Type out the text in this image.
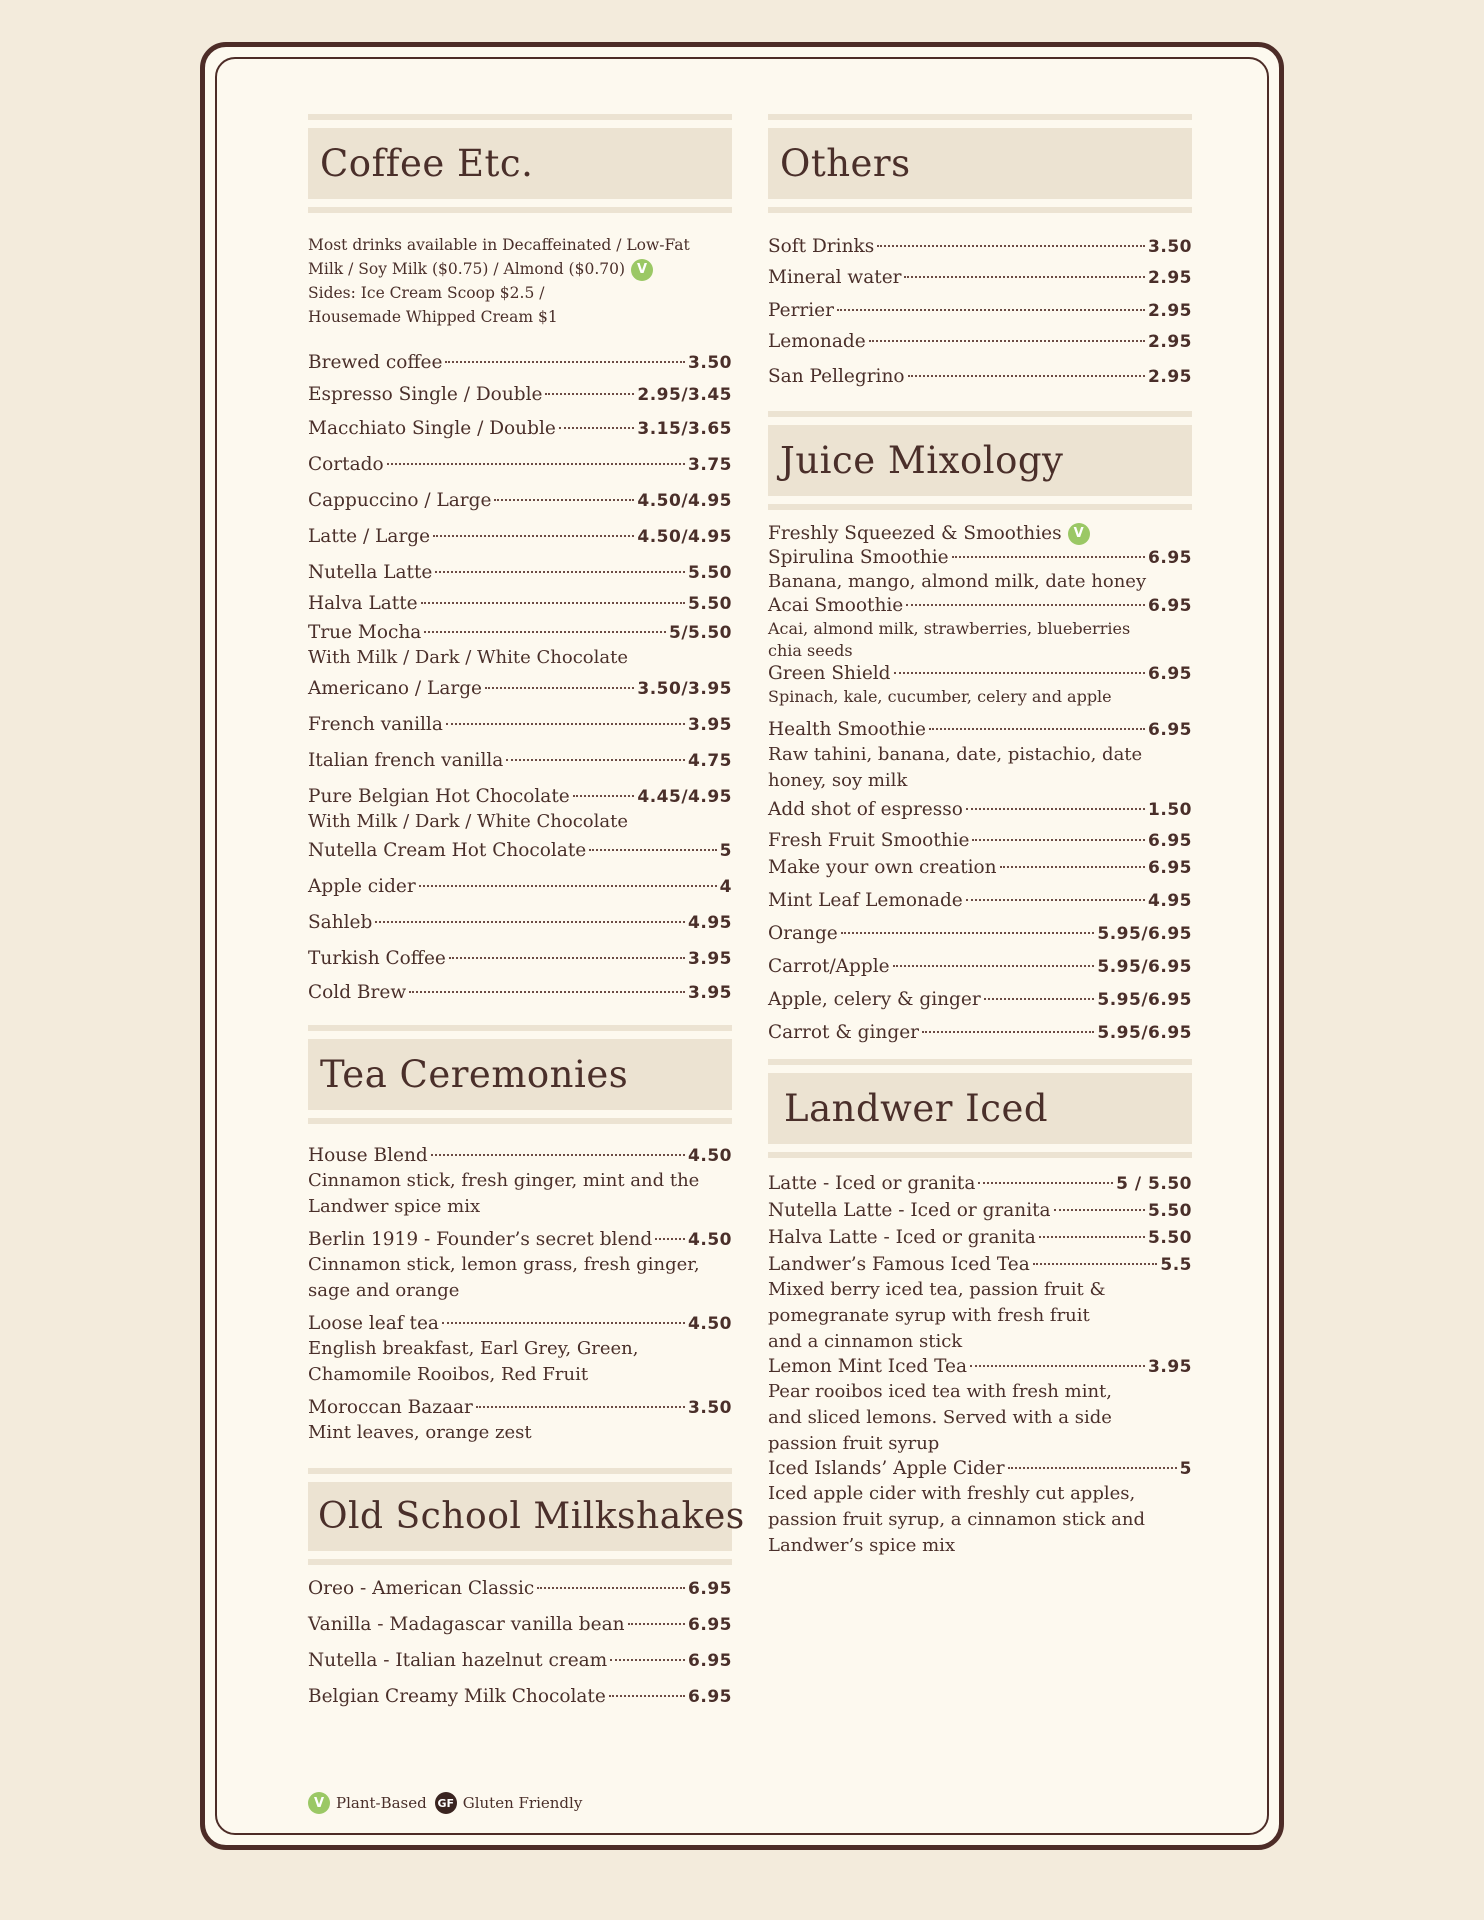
Coffee Etc.
Most drinks available in Decaffeinated / Low-Fat
Milk / Soy Milk ($0.75) / Almond ($0.70) V
Sides: Ice Cream Scoop $2.5 /
Housemade Whipped Cream $1
Brewed coffee	3.50
Espresso Single / Double	2.95/3.45
Macchiato Single / Double	3.15/3.65
Cortado	3.75
Cappuccino / Large	4.50/4.95
Latte / Large	4.50/4.95
Nutella Latte	5.50
Halva Latte	5.50
True Mocha	5/5.50
With Milk / Dark / White Chocolate
Americano / Large	3.50/3.95
French vanilla	3.95
Italian french vanilla	4.75
Pure Belgian Hot Chocolate	4.45/4.95
With Milk / Dark / White Chocolate
Nutella Cream Hot Chocolate	5
Apple cider	4
Sahleb	4.95
Turkish Coffee	3.95
Cold Brew	3.95
Tea Ceremonies
House Blend	4.50
Cinnamon stick, fresh ginger, mint and the
Landwer spice mix
Berlin 1919 - Founder’s secret blend 4.50
Cinnamon stick, lemon grass, fresh ginger,
sage and orange
Loose leaf tea	4.50
English breakfast, Earl Grey, Green,
Chamomile Rooibos, Red Fruit
Moroccan Bazaar	3.50
Mint leaves, orange zest
Old School Milkshakes
Oreo - American Classic	6.95
Vanilla - Madagascar vanilla bean	6.95
Nutella - Italian hazelnut cream	6.95
Belgian Creamy Milk Chocolate	6.95
Others
Soft Drinks	3.50
Mineral water	2.95
Perrier	2.95
Lemonade	2.95
San Pellegrino	2.95
Juice Mixology
Freshly Squeezed & Smoothies V
Spirulina Smoothie	6.95
Banana, mango, almond milk, date honey
Acai Smoothie	6.95
Acai, almond milk, strawberries, blueberries chia seeds
Green Shield	6.95
Spinach, kale, cucumber, celery and apple
Health Smoothie	6.95
Raw tahini, banana, date, pistachio, date honey, soy milk
Add shot of espresso	1.50
Fresh Fruit Smoothie	6.95
Make your own creation	6.95
Mint Leaf Lemonade	4.95
Orange	5.95/6.95
Carrot/Apple	5.95/6.95
Apple, celery & ginger	5.95/6.95
Carrot & ginger	5.95/6.95
Landwer Iced
Latte - Iced or granita	5 / 5.50
Nutella Latte - Iced or granita	5.50
Halva Latte - Iced or granita	5.50
Landwer’s Famous Iced Tea	5.5
Mixed berry iced tea, passion fruit & pomegranate syrup with fresh fruit and a cinnamon stick
Lemon Mint Iced Tea	3.95
Pear rooibos iced tea with fresh mint, and sliced lemons. Served with a side passion fruit syrup
Iced Islands’ Apple Cider	5
Iced apple cider with freshly cut apples, passion fruit syrup, a cinnamon stick and Landwer’s spice mix
V Plant-Based GF Gluten Friendly
